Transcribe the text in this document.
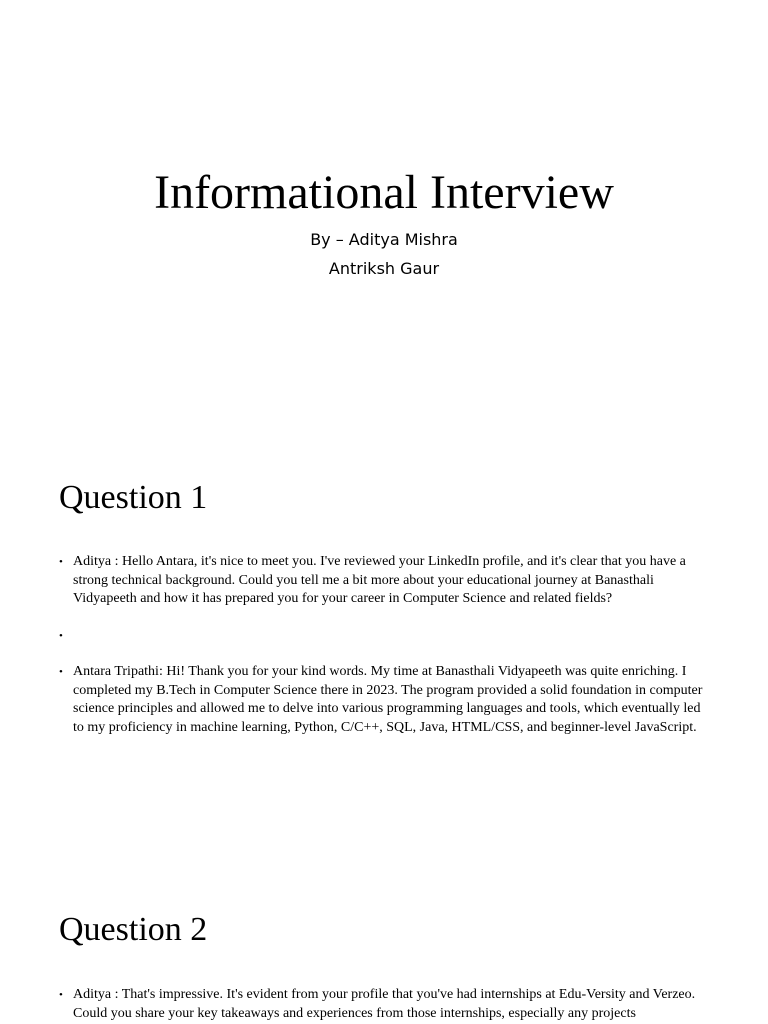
Informational Interview
By – Aditya Mishra
Antriksh Gaur
Question 1
• Aditya : Hello Antara, it's nice to meet you. I've reviewed your LinkedIn profile, and it's clear that you have a strong technical background. Could you tell me a bit more about your educational journey at Banasthali Vidyapeeth and how it has prepared you for your career in Computer Science and related fields?
•
• Antara Tripathi: Hi! Thank you for your kind words. My time at Banasthali Vidyapeeth was quite enriching. I completed my B.Tech in Computer Science there in 2023. The program provided a solid foundation in computer science principles and allowed me to delve into various programming languages and tools, which eventually led to my proficiency in machine learning, Python, C/C++, SQL, Java, HTML/CSS, and beginner-level JavaScript.
Question 2
• Aditya : That's impressive. It's evident from your profile that you've had internships at Edu-Versity and Verzeo. Could you share your key takeaways and experiences from those internships, especially any projects
